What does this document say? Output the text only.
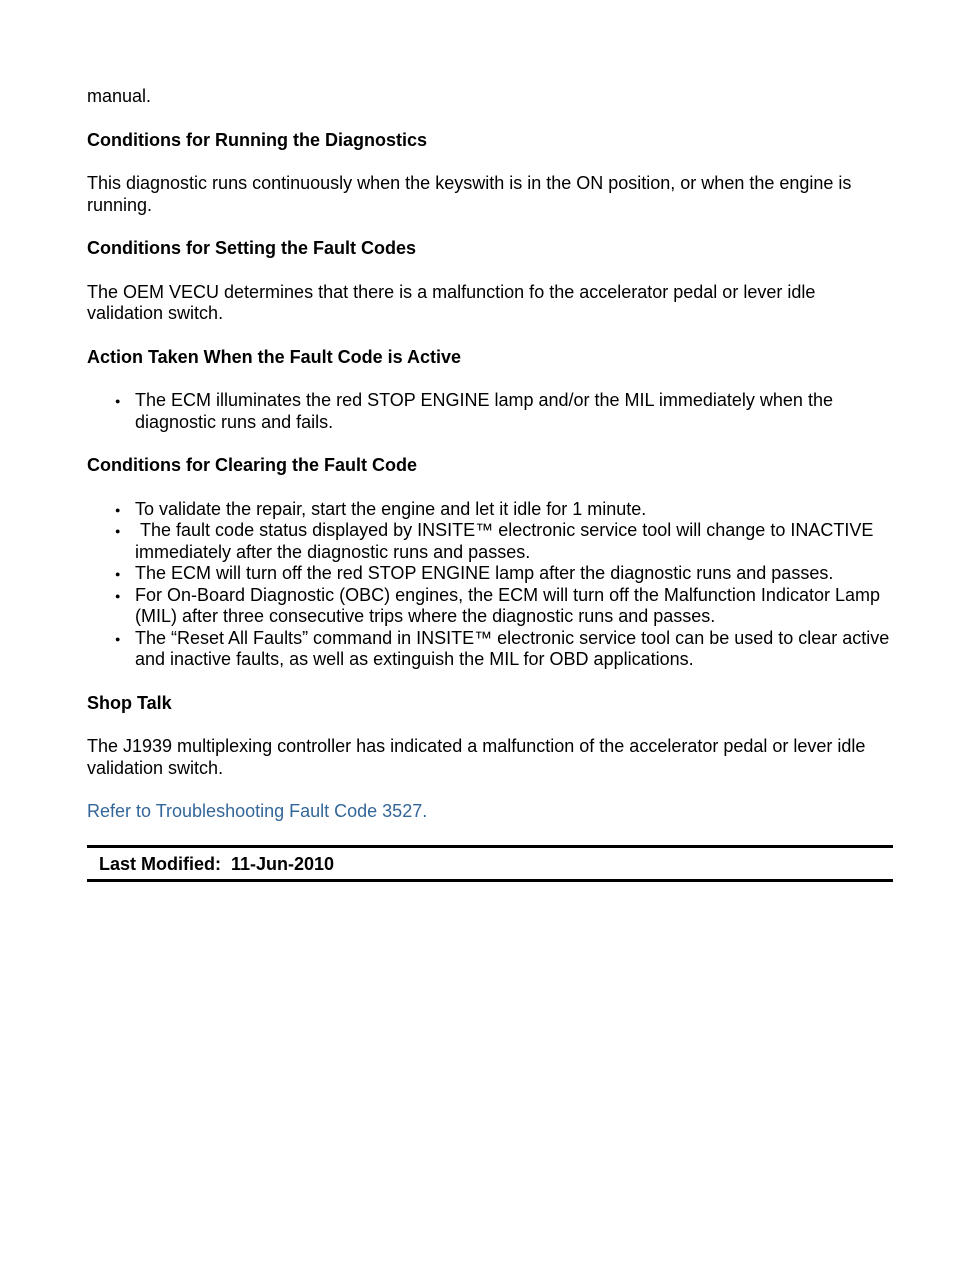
manual.

Conditions for Running the Diagnostics

This diagnostic runs continuously when the keyswith is in the ON position, or when the engine is running.

Conditions for Setting the Fault Codes

The OEM VECU determines that there is a malfunction fo the accelerator pedal or lever idle validation switch.

Action Taken When the Fault Code is Active
● The ECM illuminates the red STOP ENGINE lamp and/or the MIL immediately when the diagnostic runs and fails.
Conditions for Clearing the Fault Code
● To validate the repair, start the engine and let it idle for 1 minute.
●  The fault code status displayed by INSITE™ electronic service tool will change to INACTIVE immediately after the diagnostic runs and passes.
● The ECM will turn off the red STOP ENGINE lamp after the diagnostic runs and passes.
● For On-Board Diagnostic (OBC) engines, the ECM will turn off the Malfunction Indicator Lamp (MIL) after three consecutive trips where the diagnostic runs and passes.
● The “Reset All Faults” command in INSITE™ electronic service tool can be used to clear active and inactive faults, as well as extinguish the MIL for OBD applications.
Shop Talk

The J1939 multiplexing controller has indicated a malfunction of the accelerator pedal or lever idle validation switch.

Refer to Troubleshooting Fault Code 3527.

Last Modified:  11-Jun-2010
